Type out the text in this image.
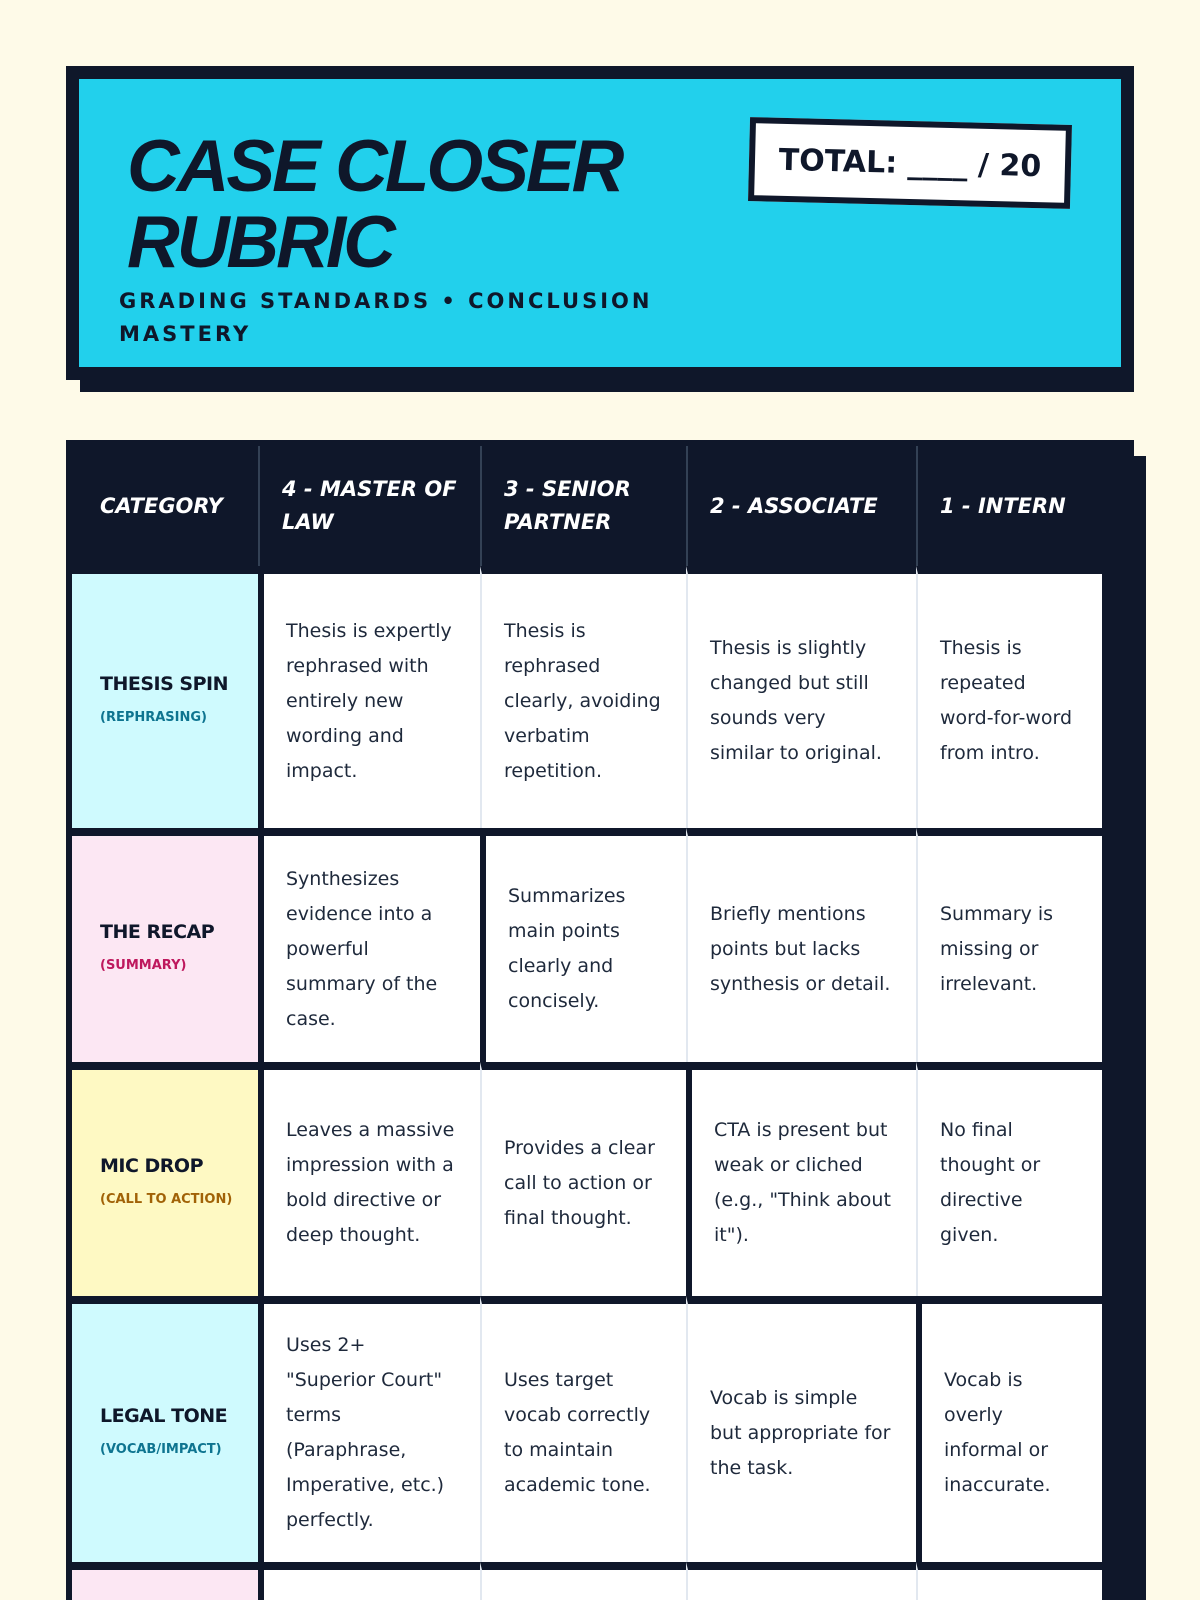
CASE CLOSER RUBRIC
GRADING STANDARDS • CONCLUSION MASTERY
TOTAL: ____ / 20
CATEGORY
4 - MASTER OF LAW
3 - SENIOR PARTNER
2 - ASSOCIATE	1 - INTERN
THESIS SPIN
(REPHRASING)
Thesis is expertly rephrased with entirely new wording and impact.
Thesis is rephrased clearly, avoiding verbatim repetition.
Thesis is slightly changed but still sounds very similar to original.
Thesis is repeated word-for-word from intro.
THE RECAP
(SUMMARY)
Synthesizes evidence into a powerful summary of the case.
Summarizes main points clearly and concisely.
Briefly mentions points but lacks synthesis or detail.
Summary is missing or irrelevant.
MIC DROP
(CALL TO ACTION)
Leaves a massive impression with a bold directive or deep thought.
Provides a clear call to action or final thought.
CTA is present but weak or cliched (e.g., "Think about it").
No final thought or directive given.
LEGAL TONE
(VOCAB/IMPACT)
Uses 2+ "Superior Court" terms (Paraphrase, Imperative, etc.) perfectly.
Uses target vocab correctly to maintain academic tone.
Vocab is simple but appropriate for the task.
Vocab is overly informal or inaccurate.
